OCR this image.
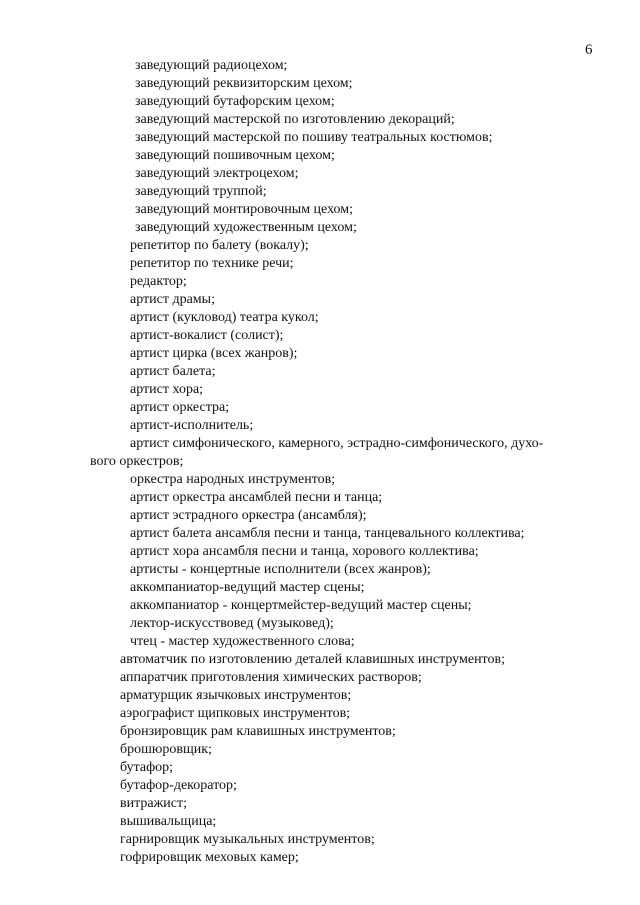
6
заведующий радиоцехом;
заведующий реквизиторским цехом;
заведующий бутафорским цехом;
заведующий мастерской по изготовлению декораций;
заведующий мастерской по пошиву театральных костюмов;
заведующий пошивочным цехом;
заведующий электроцехом;
заведующий труппой;
заведующий монтировочным цехом;
заведующий художественным цехом;
репетитор по балету (вокалу);
репетитор по технике речи;
редактор;
артист драмы;
артист (кукловод) театра кукол;
артист-вокалист (солист);
артист цирка (всех жанров);
артист балета;
артист хора;
артист оркестра;
артист-исполнитель;
артист симфонического, камерного, эстрадно-симфонического, духо-
вого оркестров;
оркестра народных инструментов;
артист оркестра ансамблей песни и танца;
артист эстрадного оркестра (ансамбля);
артист балета ансамбля песни и танца, танцевального коллектива;
артист хора ансамбля песни и танца, хорового коллектива;
артисты - концертные исполнители (всех жанров);
аккомпаниатор-ведущий мастер сцены;
аккомпаниатор - концертмейстер-ведущий мастер сцены;
лектор-искусствовед (музыковед);
чтец - мастер художественного слова;
автоматчик по изготовлению деталей клавишных инструментов;
аппаратчик приготовления химических растворов;
арматурщик язычковых инструментов;
аэрографист щипковых инструментов;
бронзировщик рам клавишных инструментов;
брошюровщик;
бутафор;
бутафор-декоратор;
витражист;
вышивальщица;
гарнировщик музыкальных инструментов;
гофрировщик меховых камер;
